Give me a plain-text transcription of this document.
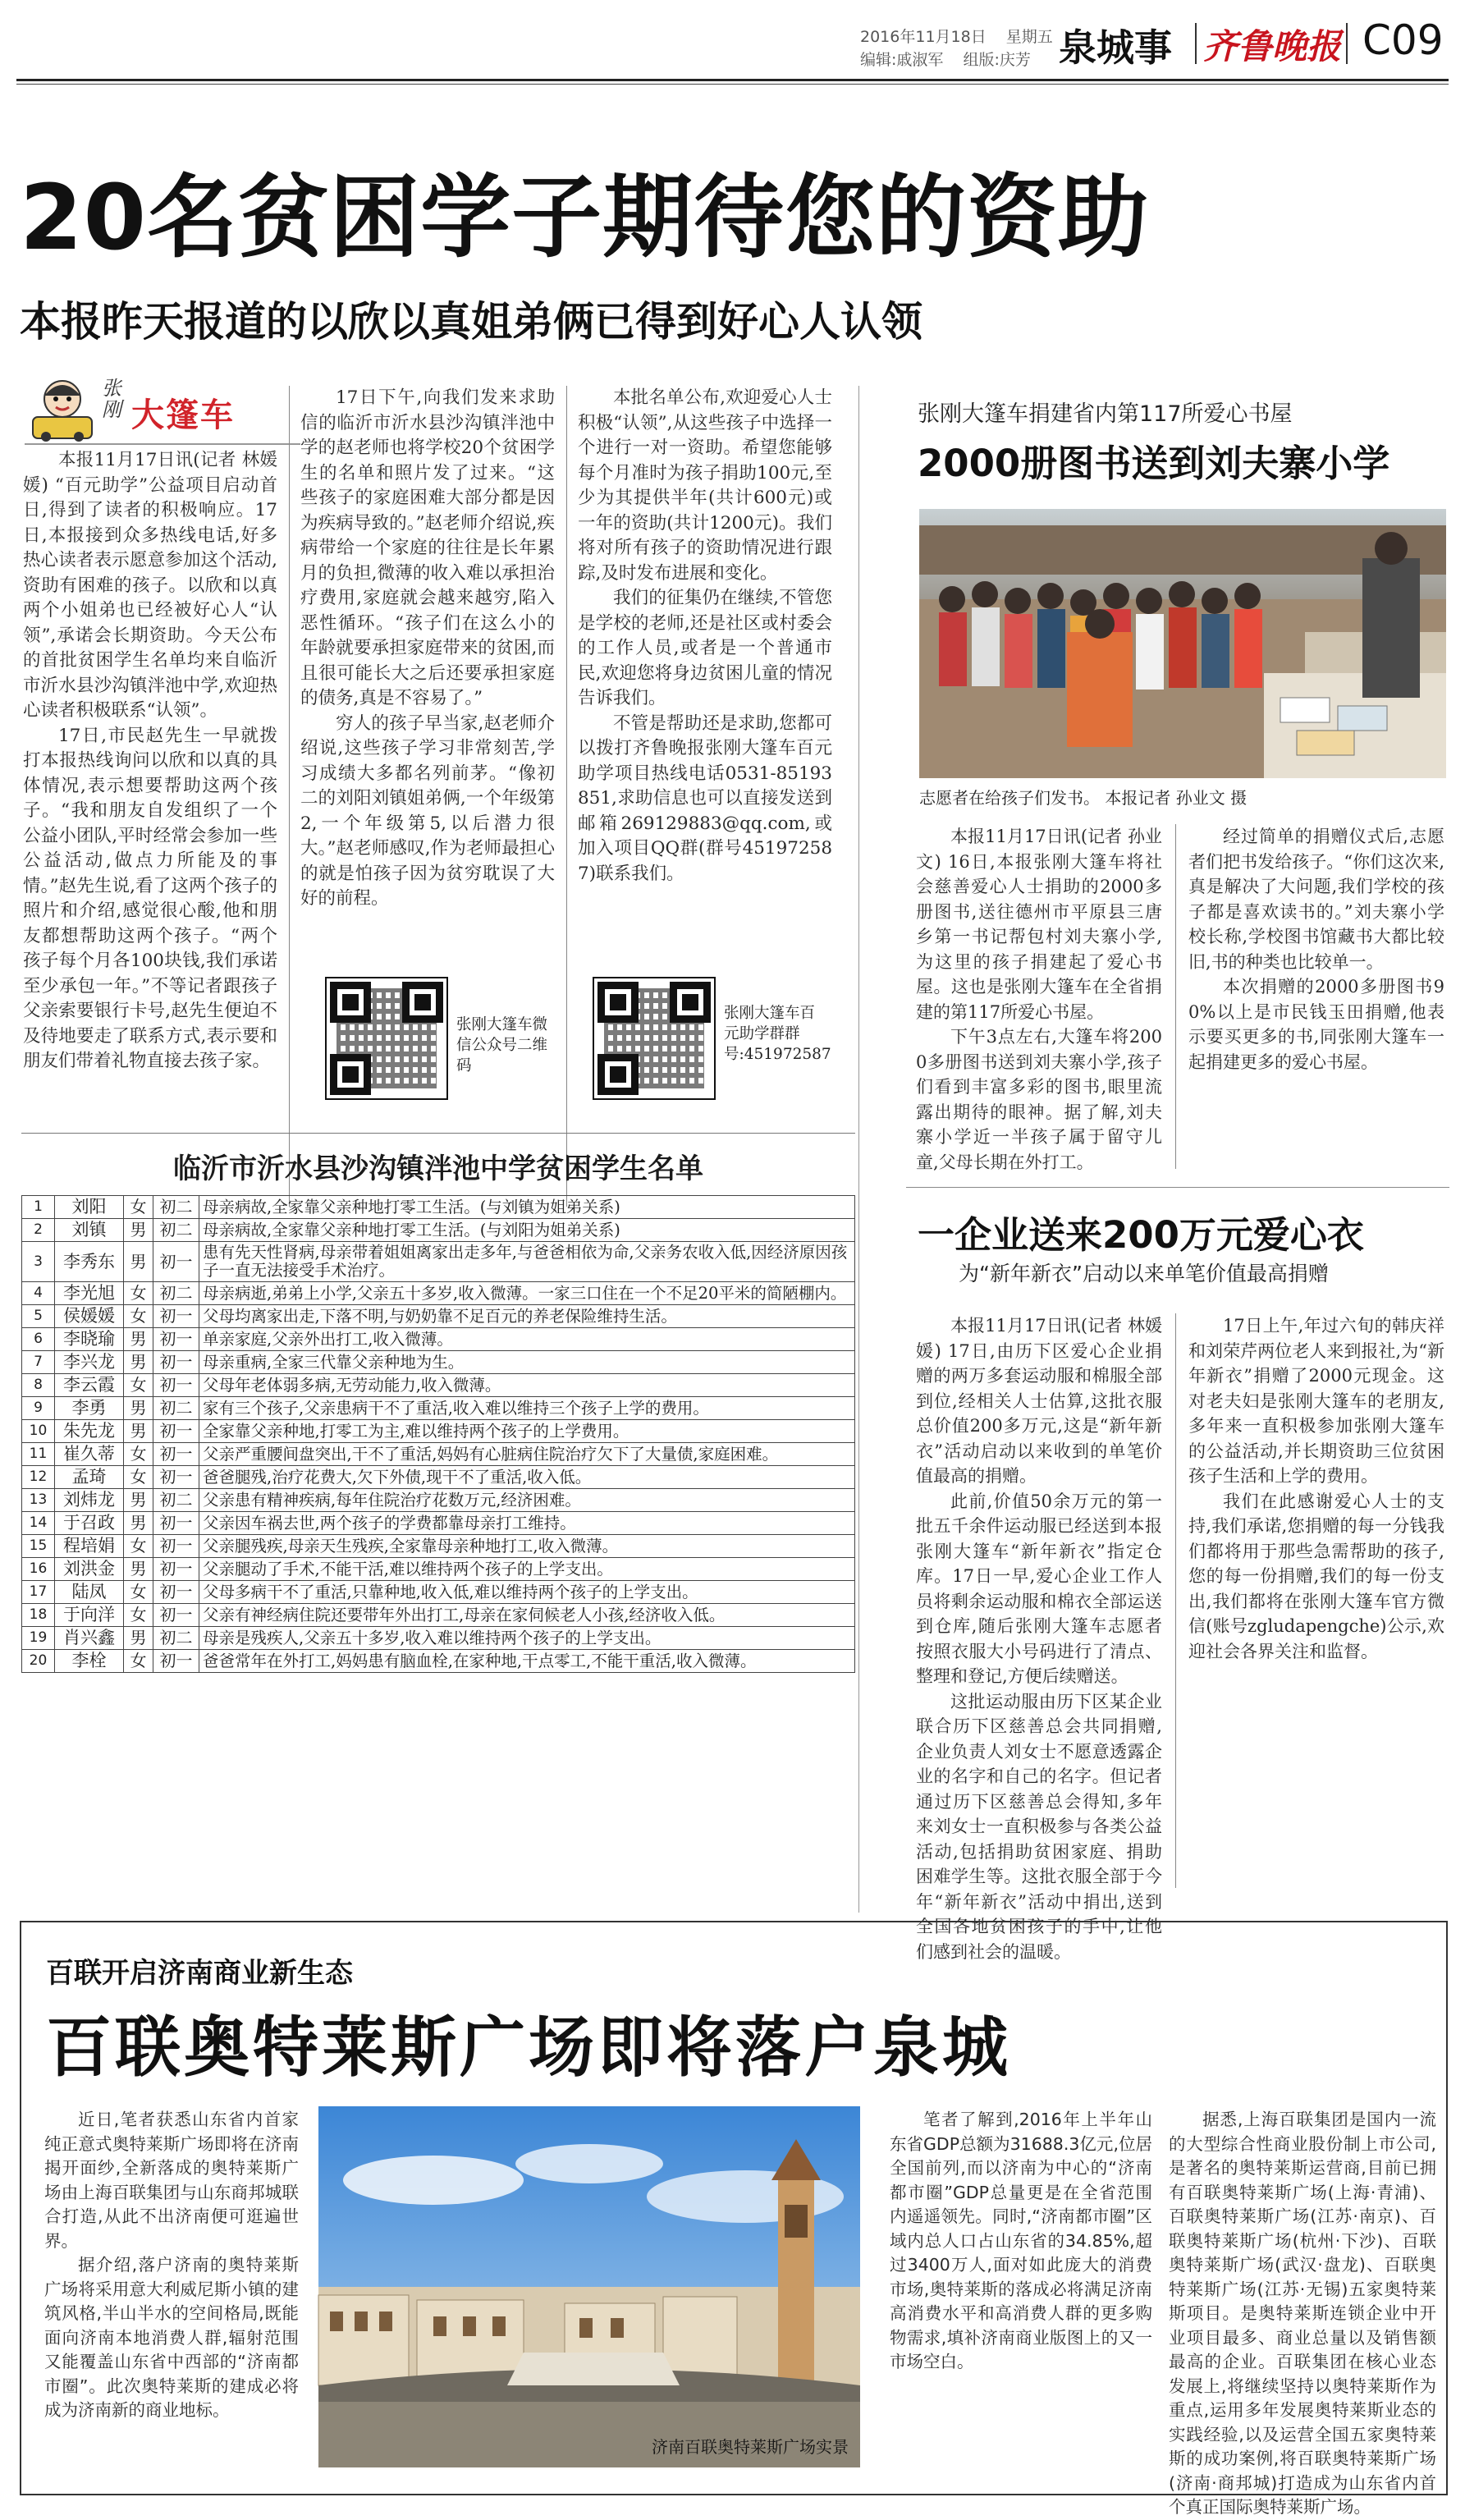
2016年11月18日 星期五
编辑:戚淑军 组版:庆芳 泉城事 齐鲁晚报 C09
20名贫困学子期待您的资助
本报昨天报道的以欣以真姐弟俩已得到好心人认领
张刚 大篷车

本报11月17日讯(记者 林媛媛) “百元助学”公益项目启动首日,得到了读者的积极响应。17日,本报接到众多热线电话,好多热心读者表示愿意参加这个活动,资助有困难的孩子。以欣和以真两个小姐弟也已经被好心人“认领”,承诺会长期资助。今天公布的首批贫困学生名单均来自临沂市沂水县沙沟镇泮池中学,欢迎热心读者积极联系“认领”。

17日,市民赵先生一早就拨打本报热线询问以欣和以真的具体情况,表示想要帮助这两个孩子。“我和朋友自发组织了一个公益小团队,平时经常会参加一些公益活动,做点力所能及的事情。”赵先生说,看了这两个孩子的照片和介绍,感觉很心酸,他和朋友都想帮助这两个孩子。“两个孩子每个月各100块钱,我们承诺至少承包一年。”不等记者跟孩子父亲索要银行卡号,赵先生便迫不及待地要走了联系方式,表示要和朋友们带着礼物直接去孩子家。

17日下午,向我们发来求助信的临沂市沂水县沙沟镇泮池中学的赵老师也将学校20个贫困学生的名单和照片发了过来。“这些孩子的家庭困难大部分都是因为疾病导致的。”赵老师介绍说,疾病带给一个家庭的往往是长年累月的负担,微薄的收入难以承担治疗费用,家庭就会越来越穷,陷入恶性循环。“孩子们在这么小的年龄就要承担家庭带来的贫困,而且很可能长大之后还要承担家庭的债务,真是不容易了。”

穷人的孩子早当家,赵老师介绍说,这些孩子学习非常刻苦,学习成绩大多都名列前茅。“像初二的刘阳刘镇姐弟俩,一个年级第2,一个年级第5,以后潜力很大。”赵老师感叹,作为老师最担心的就是怕孩子因为贫穷耽误了大好的前程。

本批名单公布,欢迎爱心人士积极“认领”,从这些孩子中选择一个进行一对一资助。希望您能够每个月准时为孩子捐助100元,至少为其提供半年(共计600元)或一年的资助(共计1200元)。我们将对所有孩子的资助情况进行跟踪,及时发布进展和变化。

我们的征集仍在继续,不管您是学校的老师,还是社区或村委会的工作人员,或者是一个普通市民,欢迎您将身边贫困儿童的情况告诉我们。

不管是帮助还是求助,您都可以拨打齐鲁晚报张刚大篷车百元助学项目热线电话0531-85193851,求助信息也可以直接发送到邮箱269129883@qq.com,或加入项目QQ群(群号451972587)联系我们。

张刚大篷车微信公众号二维码
张刚大篷车百元助学群群号:451972587
临沂市沂水县沙沟镇泮池中学贫困学生名单
1	刘阳	女	初二	母亲病故,全家靠父亲种地打零工生活。(与刘镇为姐弟关系)
2	刘镇	男	初二	母亲病故,全家靠父亲种地打零工生活。(与刘阳为姐弟关系)
3	李秀东	男	初一	患有先天性肾病,母亲带着姐姐离家出走多年,与爸爸相依为命,父亲务农收入低,因经济原因孩子一直无法接受手术治疗。
4	李光旭	女	初二	母亲病逝,弟弟上小学,父亲五十多岁,收入微薄。一家三口住在一个不足20平米的简陋棚内。
5	侯媛媛	女	初一	父母均离家出走,下落不明,与奶奶靠不足百元的养老保险维持生活。
6	李晓瑜	男	初一	单亲家庭,父亲外出打工,收入微薄。
7	李兴龙	男	初一	母亲重病,全家三代靠父亲种地为生。
8	李云霞	女	初一	父母年老体弱多病,无劳动能力,收入微薄。
9	李勇	男	初二	家有三个孩子,父亲患病干不了重活,收入难以维持三个孩子上学的费用。
10	朱先龙	男	初一	全家靠父亲种地,打零工为主,难以维持两个孩子的上学费用。
11	崔久蒂	女	初一	父亲严重腰间盘突出,干不了重活,妈妈有心脏病住院治疗欠下了大量债,家庭困难。
12	孟琦	女	初一	爸爸腿残,治疗花费大,欠下外债,现干不了重活,收入低。
13	刘炜龙	男	初二	父亲患有精神疾病,每年住院治疗花数万元,经济困难。
14	于召政	男	初一	父亲因车祸去世,两个孩子的学费都靠母亲打工维持。
15	程培娟	女	初一	父亲腿残疾,母亲天生残疾,全家靠母亲种地打工,收入微薄。
16	刘洪金	男	初一	父亲腿动了手术,不能干活,难以维持两个孩子的上学支出。
17	陆凤	女	初一	父母多病干不了重活,只靠种地,收入低,难以维持两个孩子的上学支出。
18	于向洋	女	初一	父亲有神经病住院还要带年外出打工,母亲在家伺候老人小孩,经济收入低。
19	肖兴鑫	男	初二	母亲是残疾人,父亲五十多岁,收入难以维持两个孩子的上学支出。
20	李栓	女	初一	爸爸常年在外打工,妈妈患有脑血栓,在家种地,干点零工,不能干重活,收入微薄。
张刚大篷车捐建省内第117所爱心书屋
2000册图书送到刘夫寨小学
志愿者在给孩子们发书。 本报记者 孙业文 摄

本报11月17日讯(记者 孙业文) 16日,本报张刚大篷车将社会慈善爱心人士捐助的2000多册图书,送往德州市平原县三唐乡第一书记帮包村刘夫寨小学,为这里的孩子捐建起了爱心书屋。这也是张刚大篷车在全省捐建的第117所爱心书屋。

下午3点左右,大篷车将2000多册图书送到刘夫寨小学,孩子们看到丰富多彩的图书,眼里流露出期待的眼神。据了解,刘夫寨小学近一半孩子属于留守儿童,父母长期在外打工。

经过简单的捐赠仪式后,志愿者们把书发给孩子。“你们这次来,真是解决了大问题,我们学校的孩子都是喜欢读书的。”刘夫寨小学校长称,学校图书馆藏书大都比较旧,书的种类也比较单一。

本次捐赠的2000多册图书90%以上是市民钱玉田捐赠,他表示要买更多的书,同张刚大篷车一起捐建更多的爱心书屋。

一企业送来200万元爱心衣
为“新年新衣”启动以来单笔价值最高捐赠

本报11月17日讯(记者 林媛媛) 17日,由历下区爱心企业捐赠的两万多套运动服和棉服全部到位,经相关人士估算,这批衣服总价值200多万元,这是“新年新衣”活动启动以来收到的单笔价值最高的捐赠。

此前,价值50余万元的第一批五千余件运动服已经送到本报张刚大篷车“新年新衣”指定仓库。17日一早,爱心企业工作人员将剩余运动服和棉衣全部运送到仓库,随后张刚大篷车志愿者按照衣服大小号码进行了清点、整理和登记,方便后续赠送。

这批运动服由历下区某企业联合历下区慈善总会共同捐赠,企业负责人刘女士不愿意透露企业的名字和自己的名字。但记者通过历下区慈善总会得知,多年来刘女士一直积极参与各类公益活动,包括捐助贫困家庭、捐助困难学生等。这批衣服全部于今年“新年新衣”活动中捐出,送到全国各地贫困孩子的手中,让他们感到社会的温暖。

17日上午,年过六旬的韩庆祥和刘荣芹两位老人来到报社,为“新年新衣”捐赠了2000元现金。这对老夫妇是张刚大篷车的老朋友,多年来一直积极参加张刚大篷车的公益活动,并长期资助三位贫困孩子生活和上学的费用。

我们在此感谢爱心人士的支持,我们承诺,您捐赠的每一分钱我们都将用于那些急需帮助的孩子,您的每一份捐赠,我们的每一份支出,我们都将在张刚大篷车官方微信(账号zgludapengche)公示,欢迎社会各界关注和监督。

百联开启济南商业新生态
百联奥特莱斯广场即将落户泉城

近日,笔者获悉山东省内首家纯正意式奥特莱斯广场即将在济南揭开面纱,全新落成的奥特莱斯广场由上海百联集团与山东商邦城联合打造,从此不出济南便可逛遍世界。

据介绍,落户济南的奥特莱斯广场将采用意大利威尼斯小镇的建筑风格,半山半水的空间格局,既能面向济南本地消费人群,辐射范围又能覆盖山东省中西部的“济南都市圈”。此次奥特莱斯的建成必将成为济南新的商业地标。

济南百联奥特莱斯广场实景

笔者了解到,2016年上半年山东省GDP总额为31688.3亿元,位居全国前列,而以济南为中心的“济南都市圈”GDP总量更是在全省范围内遥遥领先。同时,“济南都市圈”区域内总人口占山东省的34.85%,超过3400万人,面对如此庞大的消费市场,奥特莱斯的落成必将满足济南高消费水平和高消费人群的更多购物需求,填补济南商业版图上的又一市场空白。

据悉,上海百联集团是国内一流的大型综合性商业股份制上市公司,是著名的奥特莱斯运营商,目前已拥有百联奥特莱斯广场(上海·青浦)、百联奥特莱斯广场(江苏·南京)、百联奥特莱斯广场(杭州·下沙)、百联奥特莱斯广场(武汉·盘龙)、百联奥特莱斯广场(江苏·无锡)五家奥特莱斯项目。是奥特莱斯连锁企业中开业项目最多、商业总量以及销售额最高的企业。百联集团在核心业态发展上,将继续坚持以奥特莱斯作为重点,运用多年发展奥特莱斯业态的实践经验,以及运营全国五家奥特莱斯的成功案例,将百联奥特莱斯广场(济南·商邦城)打造成为山东省内首个真正国际奥特莱斯广场。
